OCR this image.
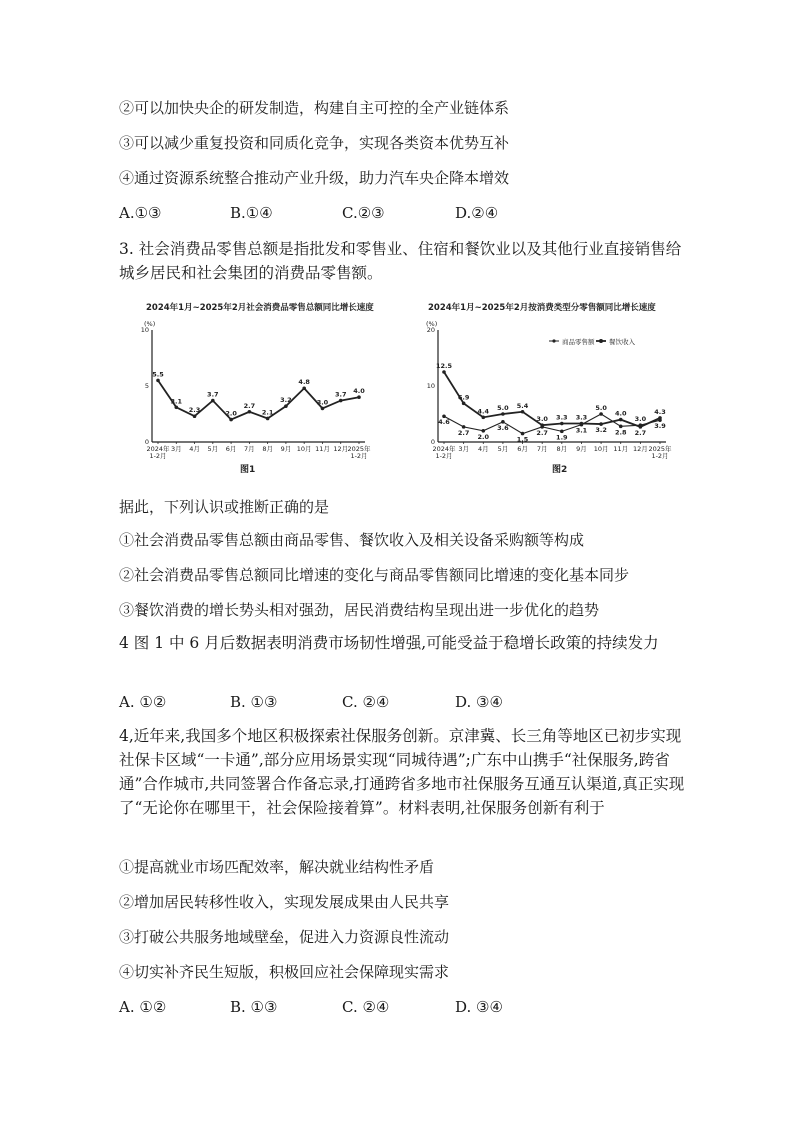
②可以加快央企的研发制造，构建自主可控的全产业链体系
③可以减少重复投资和同质化竞争，实现各类资本优势互补
④通过资源系统整合推动产业升级，助力汽车央企降本增效
A.①③	B.①④	C.②③	D.②④
3. 社会消费品零售总额是指批发和零售业、住宿和餐饮业以及其他行业直接销售给城乡居民和社会集团的消费品零售额。
2024年1月~2025年2月社会消费品零售总额同比增长速度
(%)
0
5
10
2024年
1-2月
3月 4月 5月 6月 7月 8月 9月 10月 11月 12月 2025年
1-2月
5.5
3.1
2.3
3.7
2.0
2.7
2.1
3.2
4.8
3.0
3.7 4.0
图1
2024年1月~2025年2月按消费类型分零售额同比增长速度
(%)
商品零售额 餐饮收入
0
10
20
2024年
1-2月
3月 4月 5月 6月 7月 8月 9月 10月 11月 12月 2025年
1-2月
4.6
2.7 2.0
3.6
1.5
2.7
1.9
3.1
5.0
2.8
3.0
3.9
12.5
6.9
4.4 5.0 5.4
3.0 3.3 3.3
3.2
4.0
2.7
4.3
图2
据此，下列认识或推断正确的是
①社会消费品零售总额由商品零售、餐饮收入及相关设备采购额等构成
②社会消费品零售总额同比增速的变化与商品零售额同比增速的变化基本同步
③餐饮消费的增长势头相对强劲，居民消费结构呈现出进一步优化的趋势
4 图 1 中 6 月后数据表明消费市场韧性增强,可能受益于稳增长政策的持续发力
A. ①②	B. ①③	C. ②④	D. ③④
4,近年来,我国多个地区积极探索社保服务创新。京津冀、长三角等地区已初步实现社保卡区域“一卡通”,部分应用场景实现“同城待遇”;广东中山携手“社保服务,跨省通”合作城市,共同签署合作备忘录,打通跨省多地市社保服务互通互认渠道,真正实现了“无论你在哪里干，社会保险接着算”。材料表明,社保服务创新有利于
①提高就业市场匹配效率，解决就业结构性矛盾
②增加居民转移性收入，实现发展成果由人民共享
③打破公共服务地域壁垒，促进入力资源良性流动
④切实补齐民生短版，积极回应社会保障现实需求
A. ①②	B. ①③	C. ②④	D. ③④
